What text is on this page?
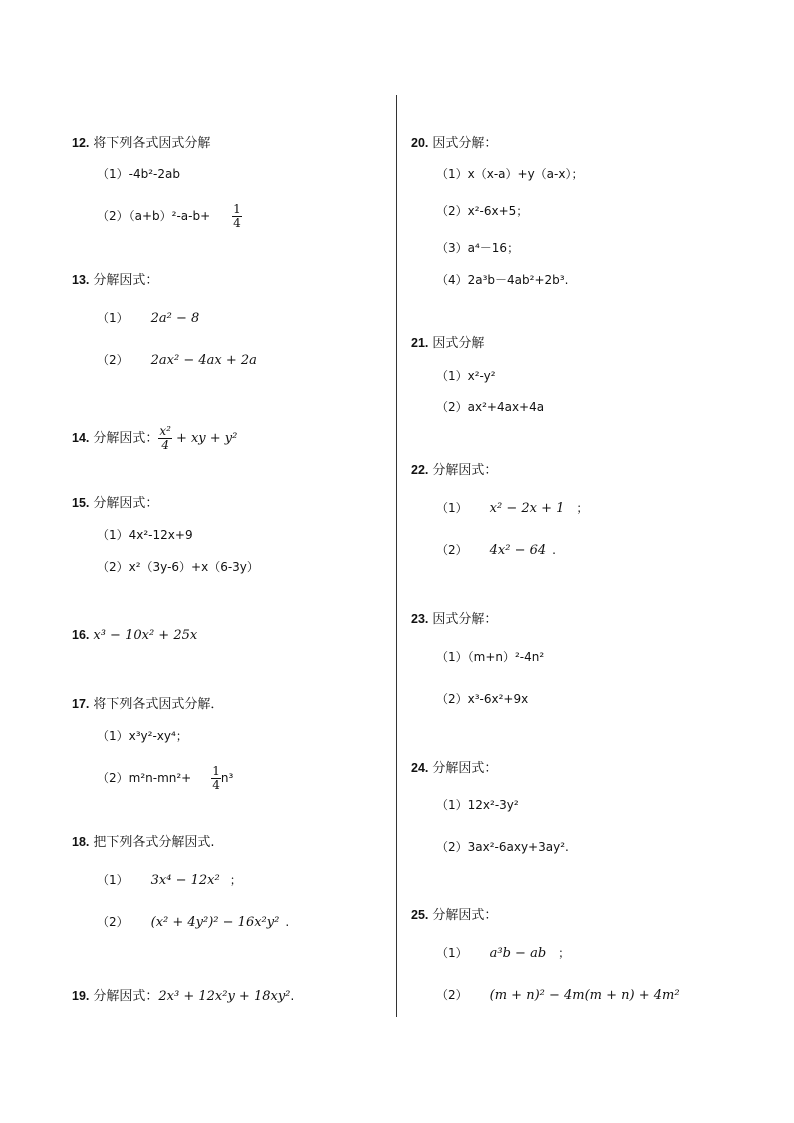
12. 将下列各式因式分解
（1）-4b²-2ab
$(2)(a+b)^2-a-b+ \frac{1}{4}$
13. 分解因式：
（1） 2a² − 8
（2） 2ax² − 4ax + 2a
14. 分解因式： $\frac{\text{x²}}{4}$ + xy + y²
15. 分解因式：
（1）4x²-12x+9
（2）x²（3y-6）+x（6-3y）
16. x³ − 10x² + 25x
17. 将下列各式因式分解．
（1）x³y²-xy⁴；
$(2)m^2n-mn^2+ \frac{1}{4} n^3$
18. 把下列各式分解因式.
（1） 3x⁴ − 12x² ；
（2） (x² + 4y²)² − 16x²y² .
19. 分解因式：2x³ + 12x²y + 18xy².
20. 因式分解：
（1）x（x-a）+y（a-x）；
（2）x²-6x+5；
（3）a⁴－16；
（4）2a³b－4ab²+2b³.
21. 因式分解
（1）x²-y²
（2）ax²+4ax+4a
22. 分解因式：
（1） x² − 2x + 1 ；
（2） 4x² − 64 .
23. 因式分解：
（1）（m+n）²-4n²
（2）x³-6x²+9x
24. 分解因式：
（1）12x²-3y²
（2）3ax²-6axy+3ay².
25. 分解因式：
（1） a³b − ab ；
（2） (m + n)² − 4m(m + n) + 4m²
